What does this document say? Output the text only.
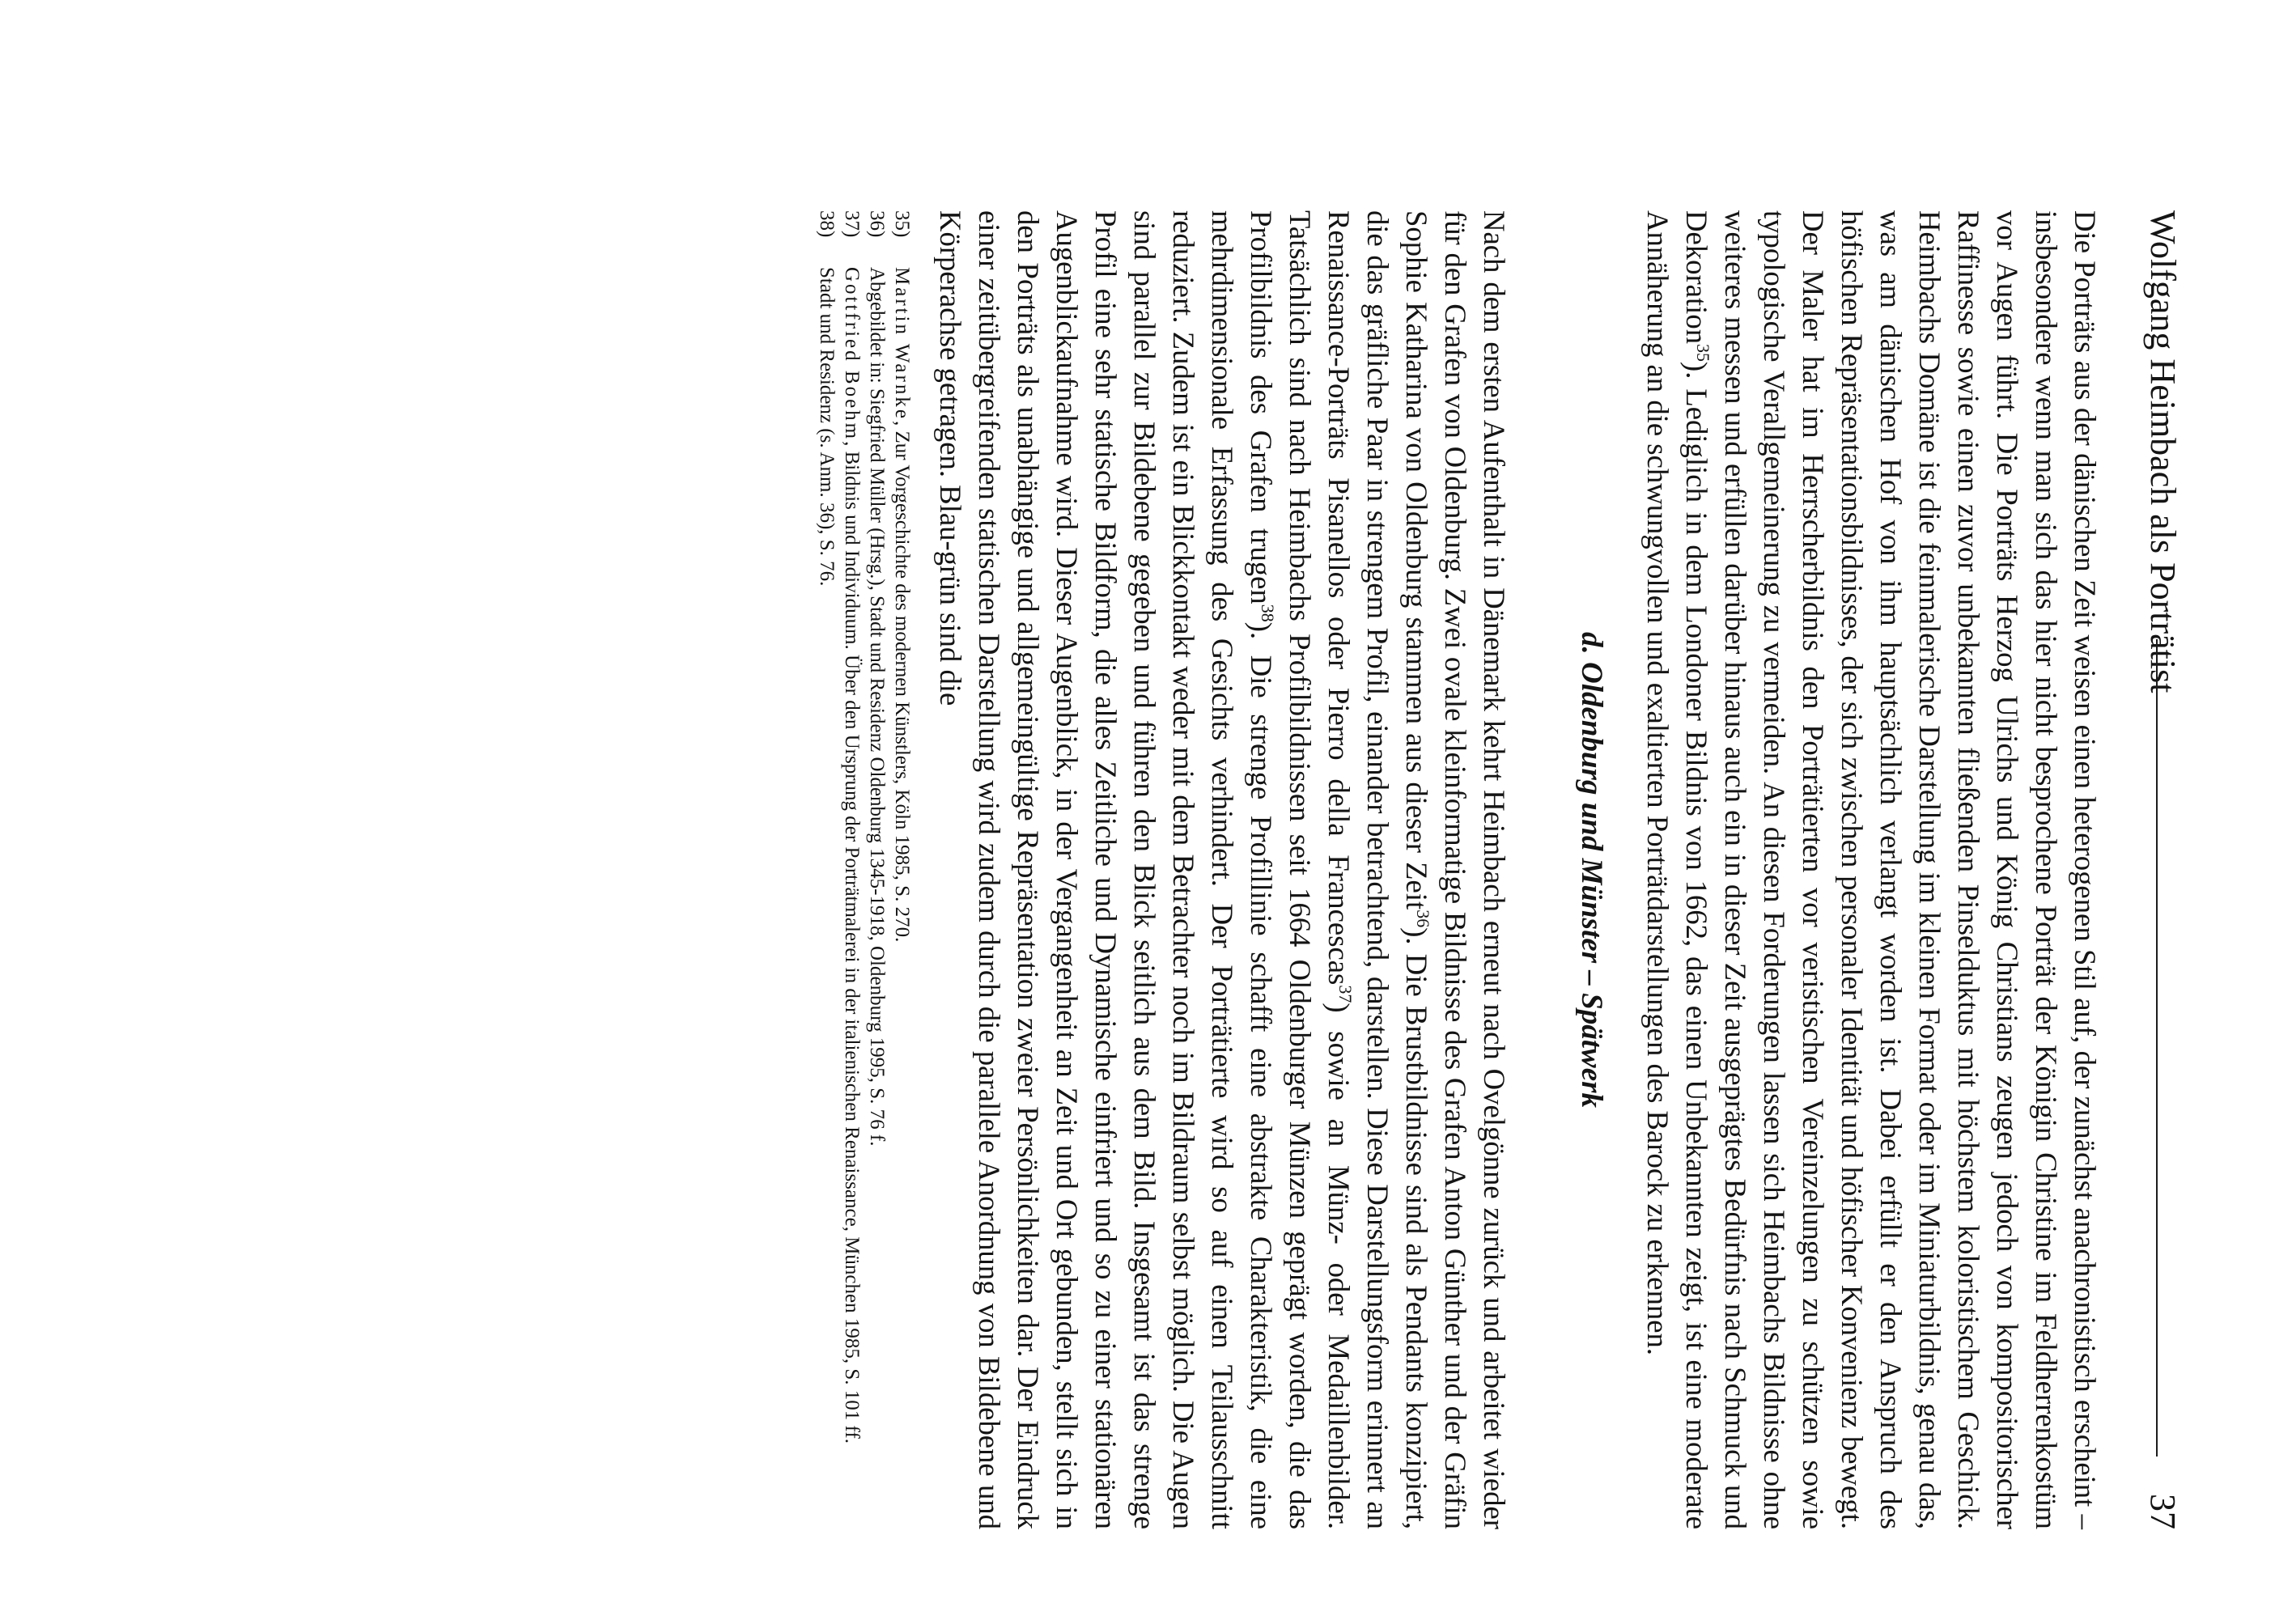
Wolfgang Heimbach als Porträtist
37

Die Porträts aus der dänischen Zeit weisen einen heterogenen Stil auf, der zunächst anachronistisch erscheint – insbesondere wenn man sich das hier nicht besprochene Porträt der Königin Christine im Feldherrenkostüm vor Augen führt. Die Porträts Herzog Ulrichs und König Christians zeugen jedoch von kompositorischer Raffinesse sowie einen zuvor unbekannten fließenden Pinselduktus mit höchstem koloristischem Geschick. Heimbachs Domäne ist die feinmalerische Darstellung im kleinen Format oder im Miniaturbildnis, genau das, was am dänischen Hof von ihm hauptsächlich verlangt worden ist. Dabei erfüllt er den Anspruch des höfischen Repräsentationsbildnisses, der sich zwischen personaler Identität und höfischer Konvenienz bewegt. Der Maler hat im Herrscherbildnis den Porträtierten vor veristischen Vereinzelungen zu schützen sowie typologische Verallgemeinerung zu vermeiden. An diesen Forderungen lassen sich Heimbachs Bildnisse ohne weiteres messen und erfüllen darüber hinaus auch ein in dieser Zeit ausgeprägtes Bedürfnis nach Schmuck und Dekoration$^{35}$). Lediglich in dem Londoner Bildnis von 1662, das einen Unbekannten zeigt, ist eine moderate Annäherung an die schwungvollen und exaltierten Porträtdarstellungen des Barock zu erkennen.

d. Oldenburg und Münster – Spätwerk

Nach dem ersten Aufenthalt in Dänemark kehrt Heimbach erneut nach Ovelgönne zurück und arbeitet wieder für den Grafen von Oldenburg. Zwei ovale kleinformatige Bildnisse des Grafen Anton Günther und der Gräfin Sophie Katharina von Oldenburg stammen aus dieser Zeit$^{36}$). Die Brustbildnisse sind als Pendants konzipiert, die das gräfliche Paar in strengem Profil, einander betrachtend, darstellen. Diese Darstellungsform erinnert an Renaissance-Porträts Pisanellos oder Pierro della Francescas$^{37}$) sowie an Münz- oder Medaillenbilder. Tatsächlich sind nach Heimbachs Profilbildnissen seit 1664 Oldenburger Münzen geprägt worden, die das Profilbildnis des Grafen trugen$^{38}$). Die strenge Profillinie schafft eine abstrakte Charakteristik, die eine mehrdimensionale Erfassung des Gesichts verhindert. Der Porträtierte wird so auf einen Teilausschnitt reduziert. Zudem ist ein Blickkontakt weder mit dem Betrachter noch im Bildraum selbst möglich. Die Augen sind parallel zur Bildebene gegeben und führen den Blick seitlich aus dem Bild. Insgesamt ist das strenge Profil eine sehr statische Bildform, die alles Zeitliche und Dynamische einfriert und so zu einer stationären Augenblickaufnahme wird. Dieser Augenblick, in der Vergangenheit an Zeit und Ort gebunden, stellt sich in den Porträts als unabhängige und allgemeingültige Repräsentation zweier Persönlichkeiten dar. Der Eindruck einer zeitübergreifenden statischen Darstellung wird zudem durch die parallele Anordnung von Bildebene und Körperachse getragen. Blau-grün sind die

35)
Martin Warnke, Zur Vorgeschichte des modernen Künstlers, Köln 1985, S. 270.
36)
Abgebildet in: Siegfried Müller (Hrsg.), Stadt und Residenz Oldenburg 1345-1918, Oldenburg 1995, S. 76 f.
37)
Gottfried Boehm, Bildnis und Individuum. Über den Ursprung der Porträtmalerei in der italienischen Renaissance, München 1985, S. 101 ff.
38)
Stadt und Residenz (s. Anm. 36), S. 76.
